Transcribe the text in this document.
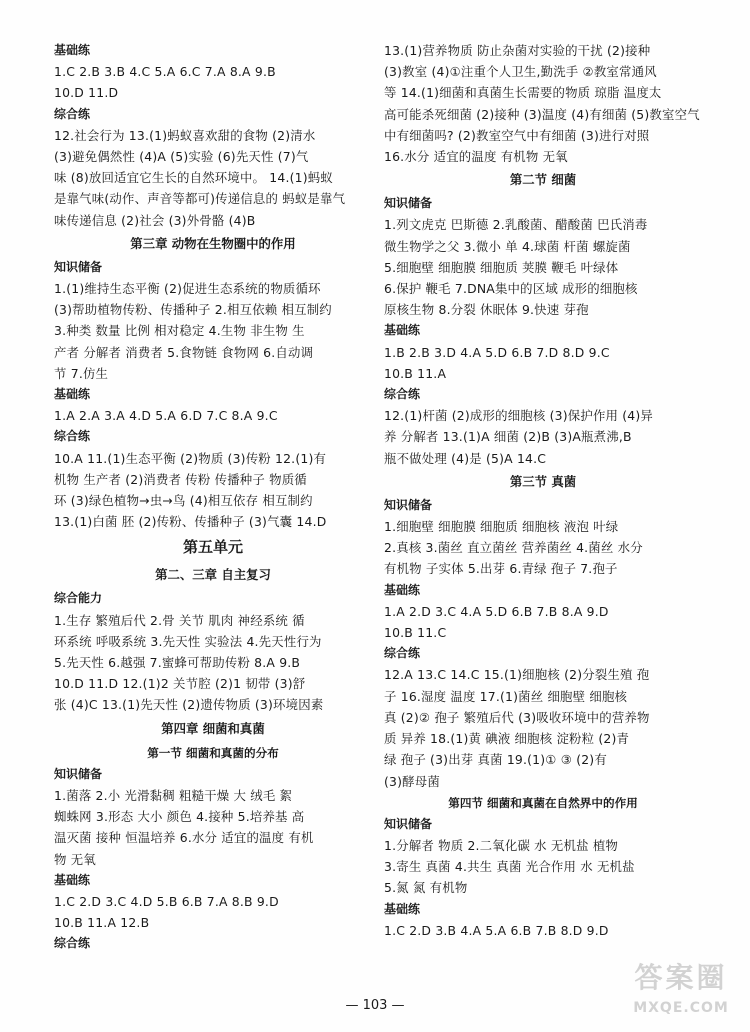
基础练
1.C 2.B 3.B 4.C 5.A 6.C 7.A 8.A 9.B
10.D 11.D
综合练
12.社会行为 13.(1)蚂蚁喜欢甜的食物 (2)清水
(3)避免偶然性 (4)A (5)实验 (6)先天性 (7)气
味 (8)放回适宜它生长的自然环境中。 14.(1)蚂蚁
是靠气味(动作、声音等都可)传递信息的 蚂蚁是靠气
味传递信息 (2)社会 (3)外骨骼 (4)B
第三章 动物在生物圈中的作用
知识储备
1.(1)维持生态平衡 (2)促进生态系统的物质循环
(3)帮助植物传粉、传播种子 2.相互依赖 相互制约
3.种类 数量 比例 相对稳定 4.生物 非生物 生
产者 分解者 消费者 5.食物链 食物网 6.自动调
节 7.仿生
基础练
1.A 2.A 3.A 4.D 5.A 6.D 7.C 8.A 9.C
综合练
10.A 11.(1)生态平衡 (2)物质 (3)传粉 12.(1)有
机物 生产者 (2)消费者 传粉 传播种子 物质循
环 (3)绿色植物→虫→鸟 (4)相互依存 相互制约
13.(1)白菌 胚 (2)传粉、传播种子 (3)气囊 14.D
第五单元
第二、三章 自主复习
综合能力
1.生存 繁殖后代 2.骨 关节 肌肉 神经系统 循
环系统 呼吸系统 3.先天性 实验法 4.先天性行为
5.先天性 6.越强 7.蜜蜂可帮助传粉 8.A 9.B
10.D 11.D 12.(1)2 关节腔 (2)1 韧带 (3)舒
张 (4)C 13.(1)先天性 (2)遗传物质 (3)环境因素
第四章 细菌和真菌
第一节 细菌和真菌的分布
知识储备
1.菌落 2.小 光滑黏稠 粗糙干燥 大 绒毛 絮
蜘蛛网 3.形态 大小 颜色 4.接种 5.培养基 高
温灭菌 接种 恒温培养 6.水分 适宜的温度 有机
物 无氧
基础练
1.C 2.D 3.C 4.D 5.B 6.B 7.A 8.B 9.D
10.B 11.A 12.B
综合练
13.(1)营养物质 防止杂菌对实验的干扰 (2)接种
(3)教室 (4)①注重个人卫生,勤洗手 ②教室常通风
等 14.(1)细菌和真菌生长需要的物质 琼脂 温度太
高可能杀死细菌 (2)接种 (3)温度 (4)有细菌 (5)教室空气
中有细菌吗? (2)教室空气中有细菌 (3)进行对照
16.水分 适宜的温度 有机物 无氧
第二节 细菌
知识储备
1.列文虎克 巴斯德 2.乳酸菌、醋酸菌 巴氏消毒
微生物学之父 3.微小 单 4.球菌 杆菌 螺旋菌
5.细胞壁 细胞膜 细胞质 荚膜 鞭毛 叶绿体
6.保护 鞭毛 7.DNA集中的区域 成形的细胞核
原核生物 8.分裂 休眠体 9.快速 芽孢
基础练
1.B 2.B 3.D 4.A 5.D 6.B 7.D 8.D 9.C
10.B 11.A
综合练
12.(1)杆菌 (2)成形的细胞核 (3)保护作用 (4)异
养 分解者 13.(1)A 细菌 (2)B (3)A瓶煮沸,B
瓶不做处理 (4)是 (5)A 14.C
第三节 真菌
知识储备
1.细胞壁 细胞膜 细胞质 细胞核 液泡 叶绿
2.真核 3.菌丝 直立菌丝 营养菌丝 4.菌丝 水分
有机物 子实体 5.出芽 6.青绿 孢子 7.孢子
基础练
1.A 2.D 3.C 4.A 5.D 6.B 7.B 8.A 9.D
10.B 11.C
综合练
12.A 13.C 14.C 15.(1)细胞核 (2)分裂生殖 孢
子 16.湿度 温度 17.(1)菌丝 细胞壁 细胞核
真 (2)② 孢子 繁殖后代 (3)吸收环境中的营养物
质 异养 18.(1)黄 碘液 细胞核 淀粉粒 (2)青
绿 孢子 (3)出芽 真菌 19.(1)① ③ (2)有
(3)酵母菌
第四节 细菌和真菌在自然界中的作用
知识储备
1.分解者 物质 2.二氧化碳 水 无机盐 植物
3.寄生 真菌 4.共生 真菌 光合作用 水 无机盐
5.氮 氮 有机物
基础练
1.C 2.D 3.B 4.A 5.A 6.B 7.B 8.D 9.D
— 103 —
答案圈
MXQE.COM
